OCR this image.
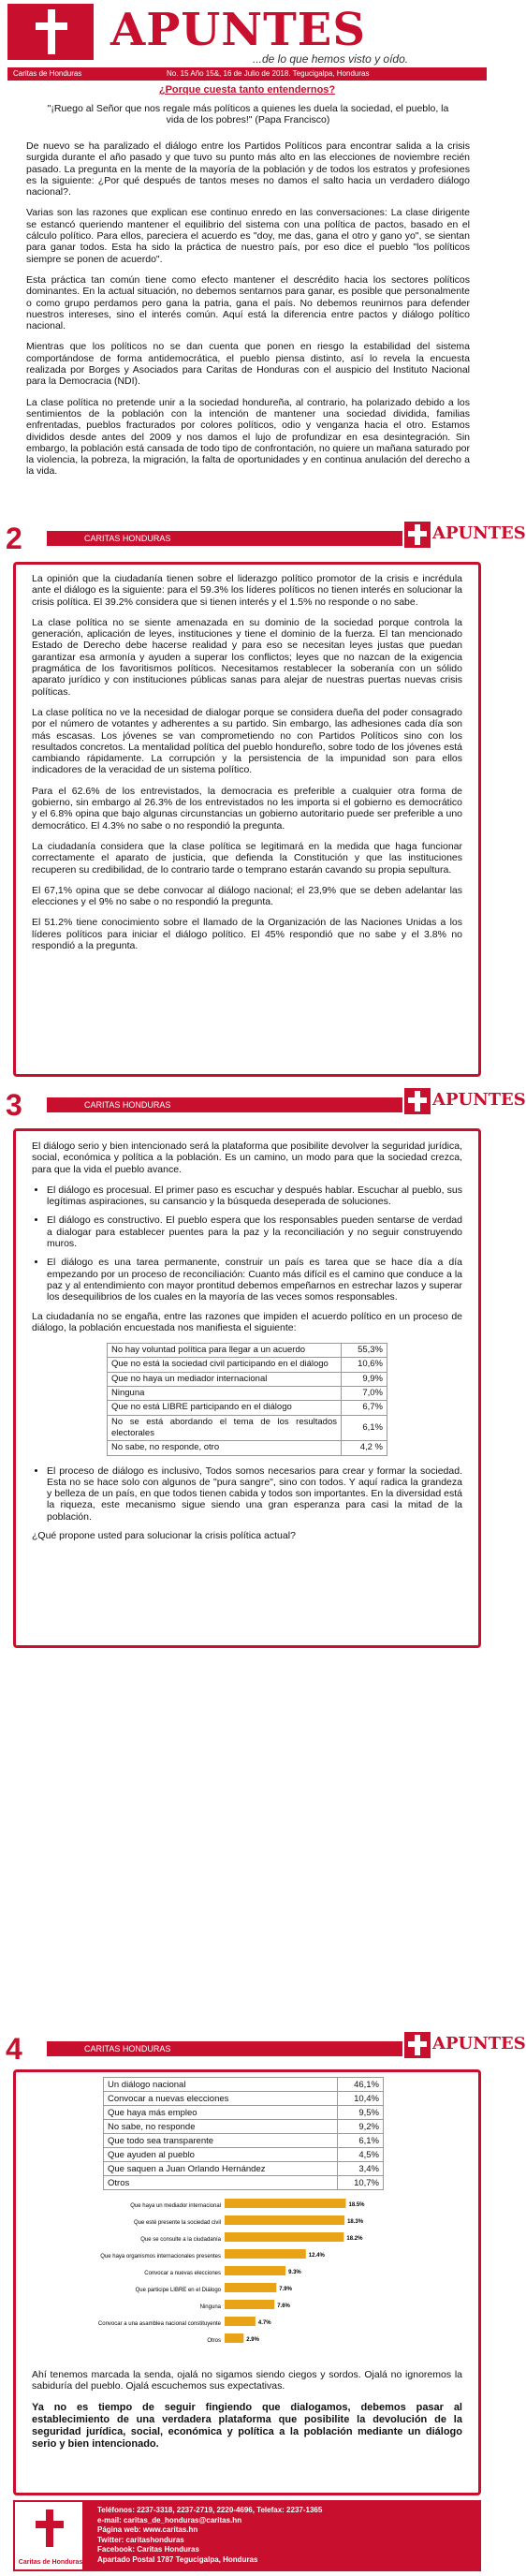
APUNTES
...de lo que hemos visto y oído.
Caritas de Honduras	No. 15 Año 15&, 16 de Julio de 2018. Tegucigalpa, Honduras
¿Porque cuesta tanto entendernos?
"¡Ruego al Señor que nos regale más políticos a quienes les duela la sociedad, el pueblo, la vida de los pobres!" (Papa Francisco)

De nuevo se ha paralizado el diálogo entre los Partidos Políticos para encontrar salida a la crisis surgida durante el año pasado y que tuvo su punto más alto en las elecciones de noviembre recién pasado. La pregunta en la mente de la mayoría de la población y de todos los estratos y profesiones es la siguiente: ¿Por qué después de tantos meses no damos el salto hacia un verdadero diálogo nacional?.

Varias son las razones que explican ese continuo enredo en las conversaciones: La clase dirigente se estancó queriendo mantener el equilibrio del sistema con una política de pactos, basado en el cálculo político. Para ellos, pareciera el acuerdo es "doy, me das, gana el otro y gano yo", se sientan para ganar todos. Esta ha sido la práctica de nuestro país, por eso dice el pueblo "los políticos siempre se ponen de acuerdo".

Esta práctica tan común tiene como efecto mantener el descrédito hacia los sectores políticos dominantes. En la actual situación, no debemos sentarnos para ganar, es posible que personalmente o como grupo perdamos pero gana la patria, gana el país. No debemos reunirnos para defender nuestros intereses, sino el interés común. Aquí está la diferencia entre pactos y diálogo político nacional.

Mientras que los políticos no se dan cuenta que ponen en riesgo la estabilidad del sistema comportándose de forma antidemocrática, el pueblo piensa distinto, así lo revela la encuesta realizada por Borges y Asociados para Caritas de Honduras con el auspicio del Instituto Nacional para la Democracia (NDI).

La clase política no pretende unir a la sociedad hondureña, al contrario, ha polarizado debido a los sentimientos de la población con la intención de mantener una sociedad dividida, familias enfrentadas, pueblos fracturados por colores políticos, odio y venganza hacia el otro. Estamos divididos desde antes del 2009 y nos damos el lujo de profundizar en esa desintegración. Sin embargo, la población está cansada de todo tipo de confrontación, no quiere un mañana saturado por la violencia, la pobreza, la migración, la falta de oportunidades y en continua anulación del derecho a la vida.

2	CARITAS HONDURAS	APUNTES

La opinión que la ciudadanía tienen sobre el liderazgo político promotor de la crisis e incrédula ante el diálogo es la siguiente: para el 59.3% los líderes políticos no tienen interés en solucionar la crisis política. El 39.2% considera que si tienen interés y el 1.5% no responde o no sabe.

La clase política no se siente amenazada en su dominio de la sociedad porque controla la generación, aplicación de leyes, instituciones y tiene el dominio de la fuerza. El tan mencionado Estado de Derecho debe hacerse realidad y para eso se necesitan leyes justas que puedan garantizar esa armonía y ayuden a superar los conflictos; leyes que no nazcan de la exigencia pragmática de los favoritismos políticos. Necesitamos restablecer la soberanía con un sólido aparato jurídico y con instituciones públicas sanas para alejar de nuestras puertas nuevas crisis políticas.

La clase política no ve la necesidad de dialogar porque se considera dueña del poder consagrado por el número de votantes y adherentes a su partido. Sin embargo, las adhesiones cada día son más escasas. Los jóvenes se van comprometiendo no con Partidos Políticos sino con los resultados concretos. La mentalidad política del pueblo hondureño, sobre todo de los jóvenes está cambiando rápidamente. La corrupción y la persistencia de la impunidad son para ellos indicadores de la veracidad de un sistema político.

Para el 62.6% de los entrevistados, la democracia es preferible a cualquier otra forma de gobierno, sin embargo al 26.3% de los entrevistados no les importa si el gobierno es democrático y el 6.8% opina que bajo algunas circunstancias un gobierno autoritario puede ser preferible a uno democrático. El 4.3% no sabe o no respondió la pregunta.

La ciudadanía considera que la clase política se legitimará en la medida que haga funcionar correctamente el aparato de justicia, que defienda la Constitución y que las instituciones recuperen su credibilidad, de lo contrario tarde o temprano estarán cavando su propia sepultura.

El 67,1% opina que se debe convocar al diálogo nacional; el 23,9% que se deben adelantar las elecciones y el 9% no sabe o no respondió la pregunta.

El 51.2% tiene conocimiento sobre el llamado de la Organización de las Naciones Unidas a los líderes políticos para iniciar el diálogo político. El 45% respondió que no sabe y el 3.8% no respondió a la pregunta.

3	CARITAS HONDURAS	APUNTES

El diálogo serio y bien intencionado será la plataforma que posibilite devolver la seguridad jurídica, social, económica y política a la población. Es un camino, un modo para que la sociedad crezca, para que la vida el pueblo avance.

• El diálogo es procesual. El primer paso es escuchar y después hablar. Escuchar al pueblo, sus legítimas aspiraciones, su cansancio y la búsqueda deseperada de soluciones.
• El diálogo es constructivo. El pueblo espera que los responsables pueden sentarse de verdad a dialogar para establecer puentes para la paz y la reconciliación y no seguir construyendo muros.
• El diálogo es una tarea permanente, construir un país es tarea que se hace día a día empezando por un proceso de reconciliación: Cuanto más difícil es el camino que conduce a la paz y al entendimiento con mayor prontitud debemos empeñarnos en estrechar lazos y superar los desequilibrios de los cuales en la mayoría de las veces somos responsables.

La ciudadanía no se engaña, entre las razones que impiden el acuerdo político en un proceso de diálogo, la población encuestada nos manifiesta el siguiente:

No hay voluntad política para llegar a un acuerdo	55,3%
Que no está la sociedad civil participando en el diálogo	10,6%
Que no haya un mediador internacional	9,9%
Ninguna	7,0%
Que no está LIBRE participando en el diálogo	6,7%
No se está abordando el tema de los resultados electorales	6,1%
No sabe, no responde, otro	4,2 %
• El proceso de diálogo es inclusivo, Todos somos necesarios para crear y formar la sociedad. Esta no se hace solo con algunos de "pura sangre", sino con todos. Y aquí radica la grandeza y belleza de un país, en que todos tienen cabida y todos son importantes. En la diversidad está la riqueza, este mecanismo sigue siendo una gran esperanza para casi la mitad de la población.

¿Qué propone usted para solucionar la crisis política actual?

4	CARITAS HONDURAS	APUNTES
Un diálogo nacional	46,1%
Convocar a nuevas elecciones	10,4%
Que haya más empleo	9,5%
No sabe, no responde	9,2%
Que todo sea transparente	6,1%
Que ayuden al pueblo	4,5%
Que saquen a Juan Orlando Hernández	3,4%
Otros	10,7%
Que haya un mediador internacional	18.5%
Que esté presente la sociedad civil	18.3%
Que se consulte a la ciudadanía	18.2%
Que haya organismos internacionales presentes	12.4%
Convocar a nuevas elecciones	9.3%
Que participe LIBRE en el Diálogo	7.9%
Ninguna	7.6%
Convocar a una asamblea nacional constituyente	4.7%
Otros	2.9%

Ahí tenemos marcada la senda, ojalá no sigamos siendo ciegos y sordos. Ojalá no ignoremos la sabiduría del pueblo. Ojalá escuchemos sus expectativas.

Ya no es tiempo de seguir fingiendo que dialogamos, debemos pasar al establecimiento de una verdadera plataforma que posibilite la devolución de la seguridad jurídica, social, económica y política a la población mediante un diálogo serio y bien intencionado.

Caritas de Honduras
Teléfonos: 2237-3318, 2237-2719, 2220-4696, Telefax: 2237-1365
e-mail: caritas_de_honduras@caritas.hn
Página web: www.caritas.hn
Twitter: caritashonduras
Facebook: Caritas Honduras
Apartado Postal 1787 Tegucigalpa, Honduras
